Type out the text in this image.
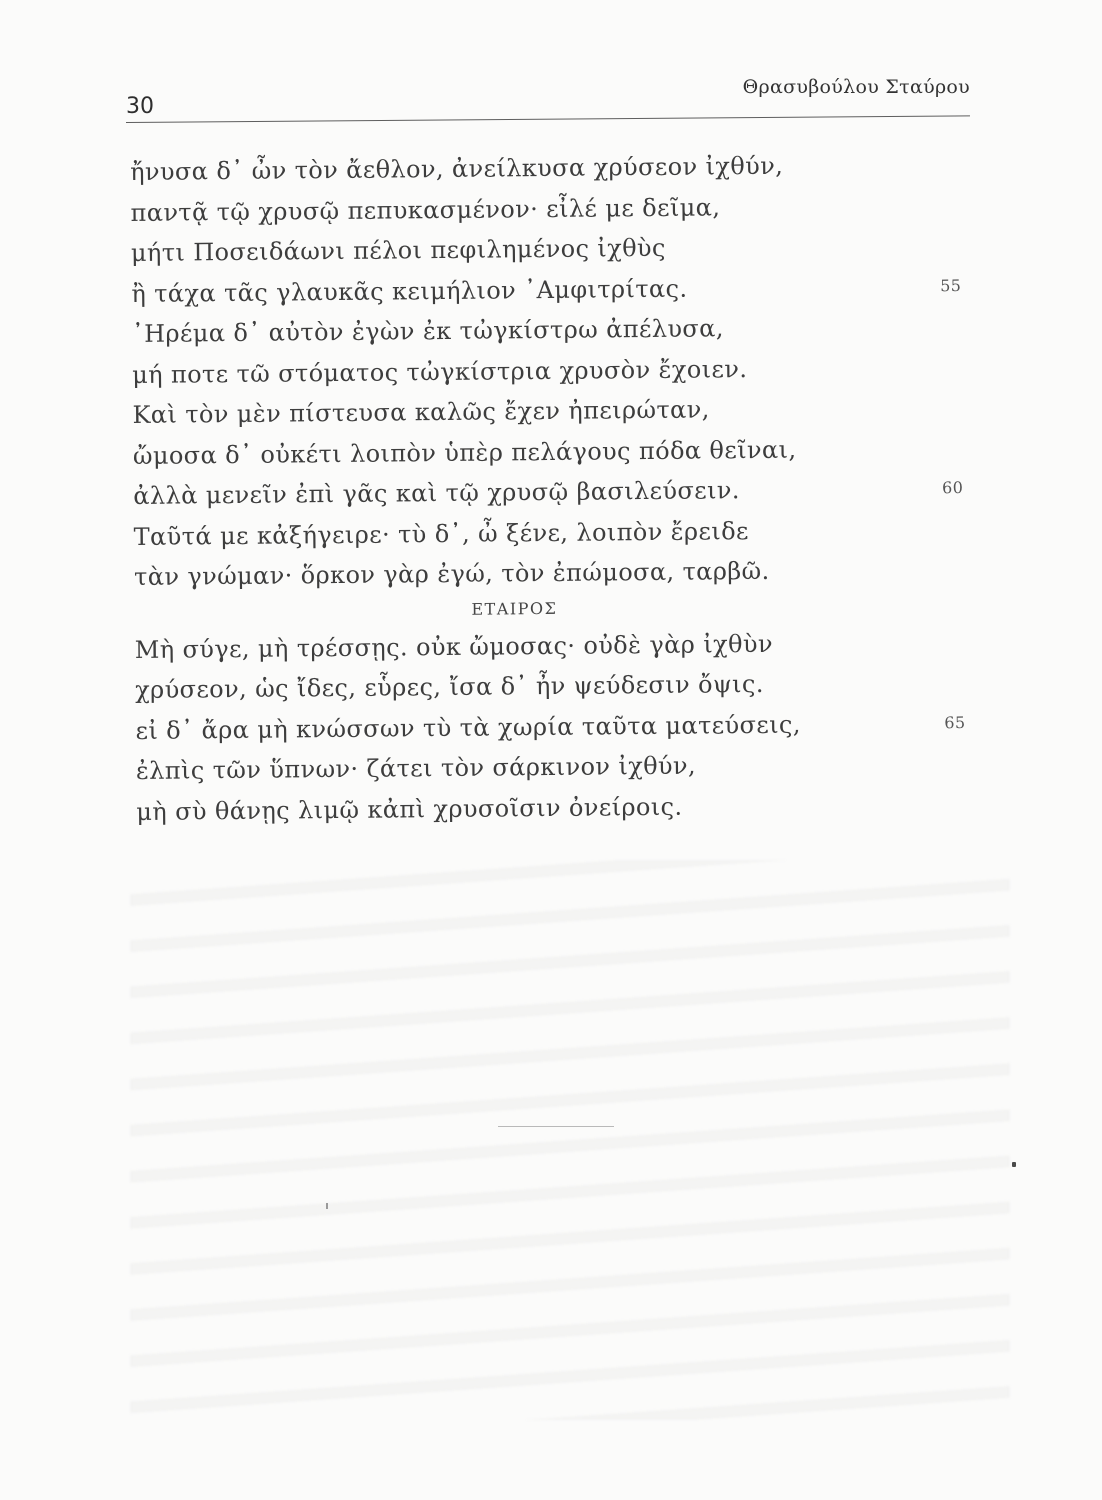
30
Θρασυβούλου Σταύρου
ἤνυσα δ᾽ ὦν τὸν ἄεθλον, ἀνείλκυσα χρύσεον ἰχθύν,
παντᾷ τῷ χρυσῷ πεπυκασμένον· εἶλέ με δεῖμα,
μήτι Ποσειδάωνι πέλοι πεφιλημένος ἰχθὺς
ἢ τάχα τᾶς γλαυκᾶς κειμήλιον ᾿Αμφιτρίτας.	55
᾿Ηρέμα δ᾽ αὐτὸν ἐγὼν ἐκ τὠγκίστρω ἀπέλυσα,
μή ποτε τῶ στόματος τὠγκίστρια χρυσὸν ἔχοιεν.
Καὶ τὸν μὲν πίστευσα καλῶς ἔχεν ἠπειρώταν,
ὤμοσα δ᾽ οὐκέτι λοιπὸν ὑπὲρ πελάγους πόδα θεῖναι,
ἀλλὰ μενεῖν ἐπὶ γᾶς καὶ τῷ χρυσῷ βασιλεύσειν.	60
Ταῦτά με κἀξήγειρε· τὺ δ᾽, ὦ ξένε, λοιπὸν ἔρειδε
τὰν γνώμαν· ὅρκον γὰρ ἐγώ, τὸν ἐπώμοσα, ταρβῶ.
ΕΤΑΙΡΟΣ
Μὴ σύγε, μὴ τρέσσῃς. οὐκ ὤμοσας· οὐδὲ γὰρ ἰχθὺν
χρύσεον, ὡς ἴδες, εὗρες, ἴσα δ᾽ ἦν ψεύδεσιν ὄψις.
εἰ δ᾽ ἄρα μὴ κνώσσων τὺ τὰ χωρία ταῦτα ματεύσεις,	65
ἐλπὶς τῶν ὕπνων· ζάτει τὸν σάρκινον ἰχθύν,
μὴ σὺ θάνῃς λιμῷ κἀπὶ χρυσοῖσιν ὀνείροις.
